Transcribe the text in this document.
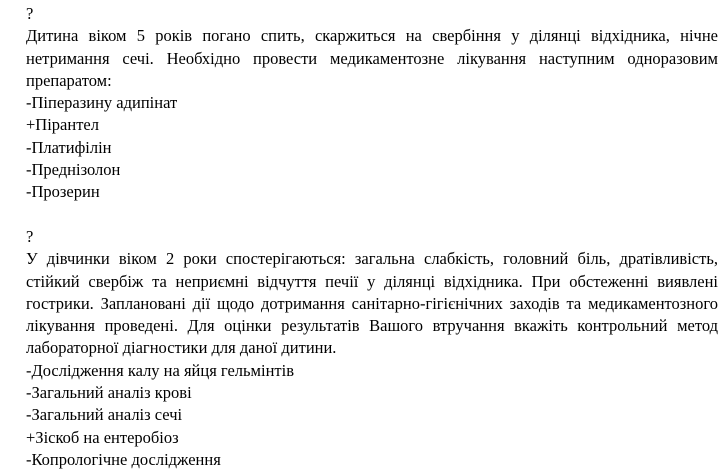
?

Дитина віком 5 років погано спить, скаржиться на свербіння у ділянці відхідника, нічне нетримання сечі. Необхідно провести медикаментозне лікування наступним одноразовим препаратом:

-Піперазину адипінат

+Пірантел

-Платифілін

-Преднізолон

-Прозерин

?

У дівчинки віком 2 роки спостерігаються: загальна слабкість, головний біль, дратівливість, стійкий свербіж та неприємні відчуття печії у ділянці відхідника. При обстеженні виявлені гострики. Заплановані дії щодо дотримання санітарно-гігієнічних заходів та медикаментозного лікування проведені. Для оцінки результатів Вашого втручання вкажіть контрольний метод лабораторної діагностики для даної дитини.

-Дослідження калу на яйця гельмінтів

-Загальний аналіз крові

-Загальний аналіз сечі

+Зіскоб на ентеробіоз

-Копрологічне дослідження
